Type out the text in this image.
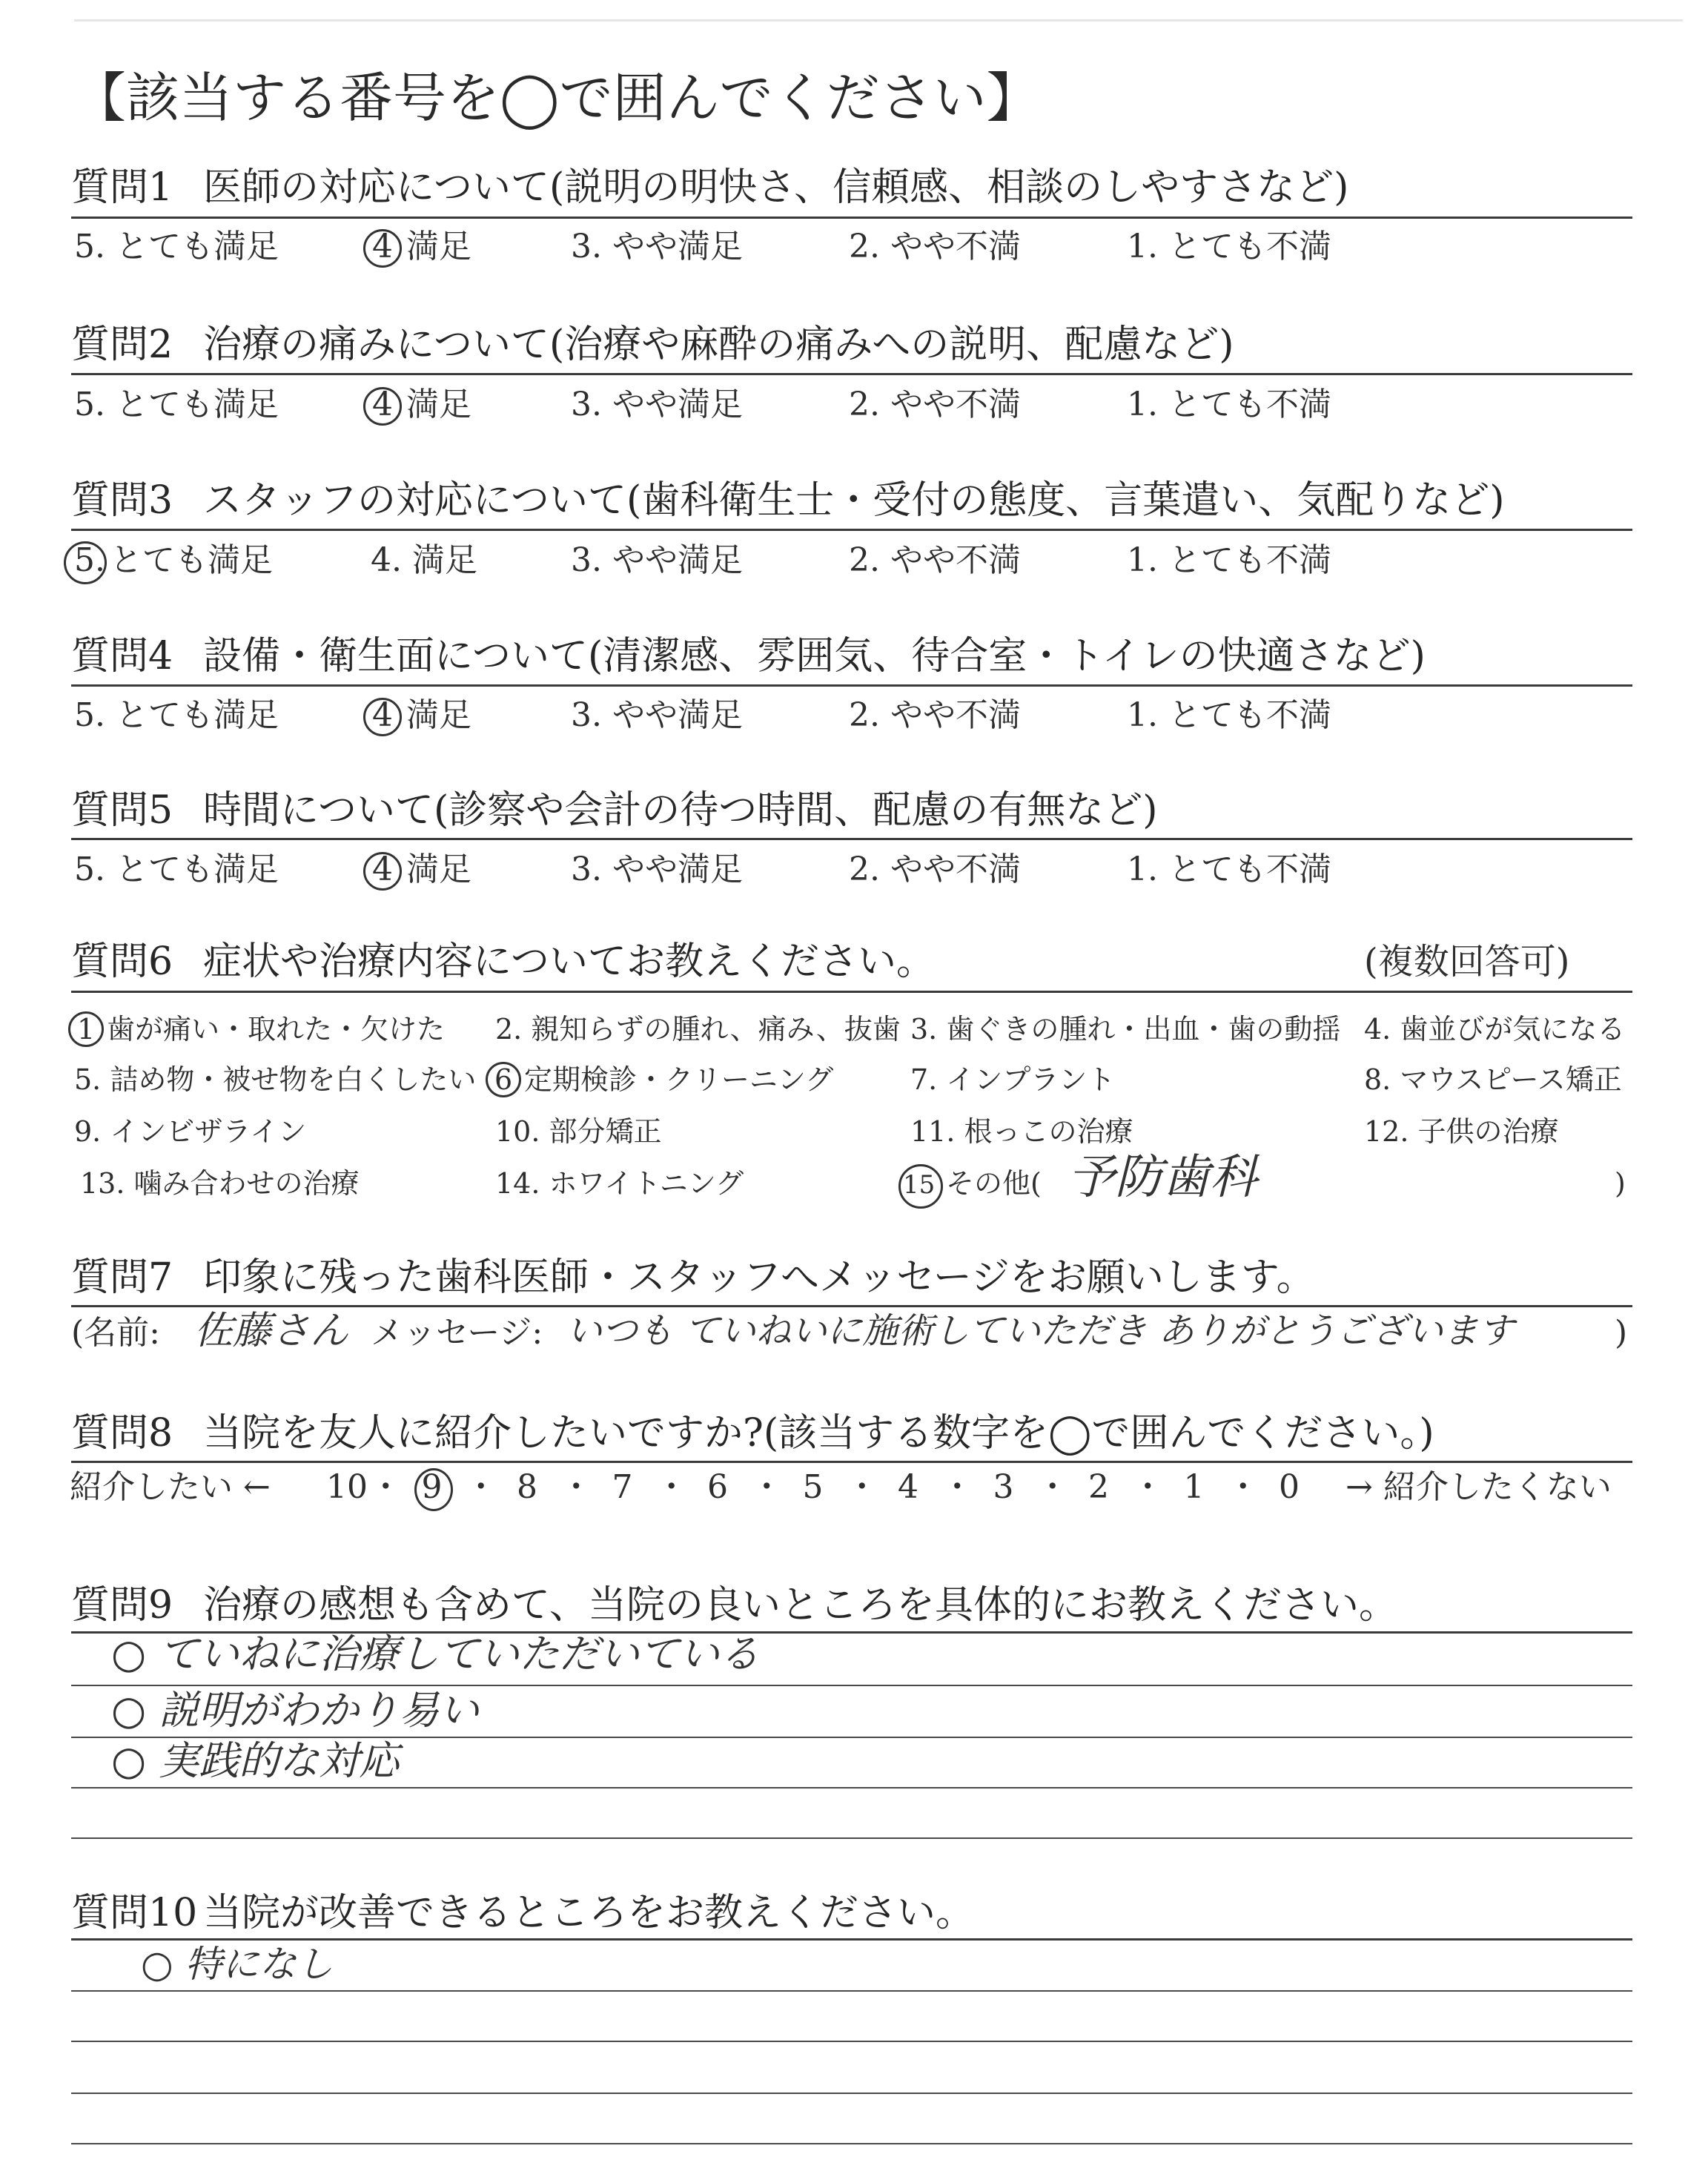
【該当する番号を◯で囲んでください】
質問1 医師の対応について(説明の明快さ、信頼感、相談のしやすさなど)
5. とても満足	4 満足	3. やや満足	2. やや不満	1. とても不満
質問2 治療の痛みについて(治療や麻酔の痛みへの説明、配慮など)
5. とても満足	4 満足	3. やや満足	2. やや不満	1. とても不満
質問3 スタッフの対応について(歯科衛生士・受付の態度、言葉遣い、気配りなど)
5. とても満足	4. 満足	3. やや満足	2. やや不満	1. とても不満
質問4 設備・衛生面について(清潔感、雰囲気、待合室・トイレの快適さなど)
5. とても満足	4 満足	3. やや満足	2. やや不満	1. とても不満
質問5 時間について(診察や会計の待つ時間、配慮の有無など)
5. とても満足	4 満足	3. やや満足	2. やや不満	1. とても不満
質問6 症状や治療内容についてお教えください。	(複数回答可)
1 歯が痛い・取れた・欠けた 2. 親知らずの腫れ、痛み、抜歯 3. 歯ぐきの腫れ・出血・歯の動揺 4. 歯並びが気になる
5. 詰め物・被せ物を白くしたい 6 定期検診・クリーニング	7. インプラント	8. マウスピース矯正
9. インビザライン	10. 部分矯正	11. 根っこの治療	12. 子供の治療
13. 噛み合わせの治療	14. ホワイトニング	15 その他( 予防歯科	)
質問7 印象に残った歯科医師・スタッフへメッセージをお願いします。
(名前: 佐藤さん メッセージ: いつも ていねいに施術していただき ありがとうございます	)
質問8 当院を友人に紹介したいですか?(該当する数字を◯で囲んでください。)
紹介したい ← 10 ・ 9 ・ 8 ・ 7 ・ 6 ・ 5 ・ 4 ・ 3 ・ 2 ・ 1 ・ 0 → 紹介したくない
質問9 治療の感想も含めて、当院の良いところを具体的にお教えください。
○ ていねに治療していただいている
○ 説明がわかり易い
○ 実践的な対応
質問10 当院が改善できるところをお教えください。
○ 特になし
